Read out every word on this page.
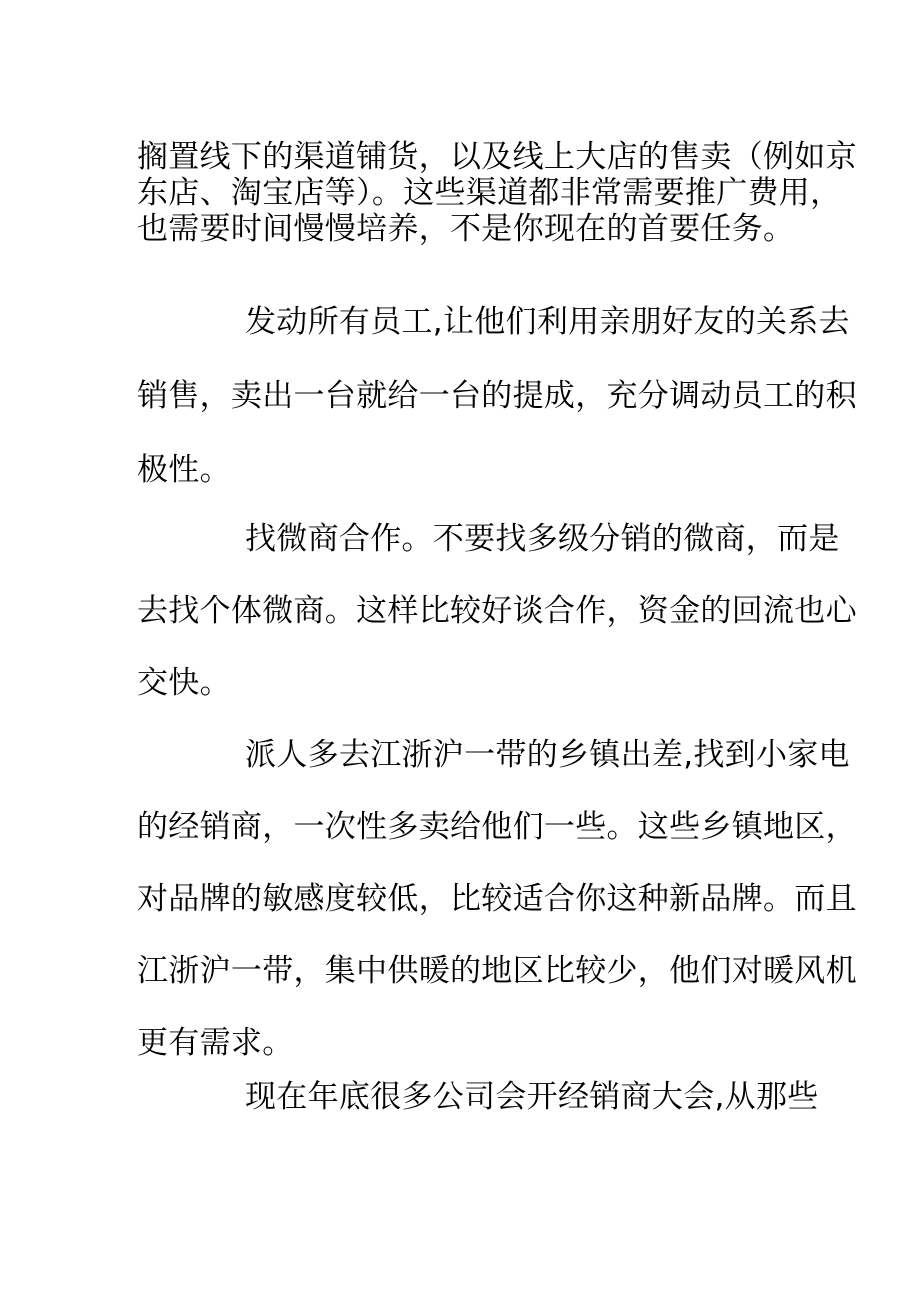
搁置线下的渠道铺货，以及线上大店的售卖（例如京
东店、淘宝店等）。这些渠道都非常需要推广费用，
也需要时间慢慢培养，不是你现在的首要任务。
发动所有员工,让他们利用亲朋好友的关系去
销售，卖出一台就给一台的提成，充分调动员工的积
极性。
找微商合作。不要找多级分销的微商，而是
去找个体微商。这样比较好谈合作，资金的回流也心
交快。
派人多去江浙沪一带的乡镇出差,找到小家电
的经销商，一次性多卖给他们一些。这些乡镇地区，
对品牌的敏感度较低，比较适合你这种新品牌。而且
江浙沪一带，集中供暖的地区比较少，他们对暖风机
更有需求。
现在年底很多公司会开经销商大会,从那些
